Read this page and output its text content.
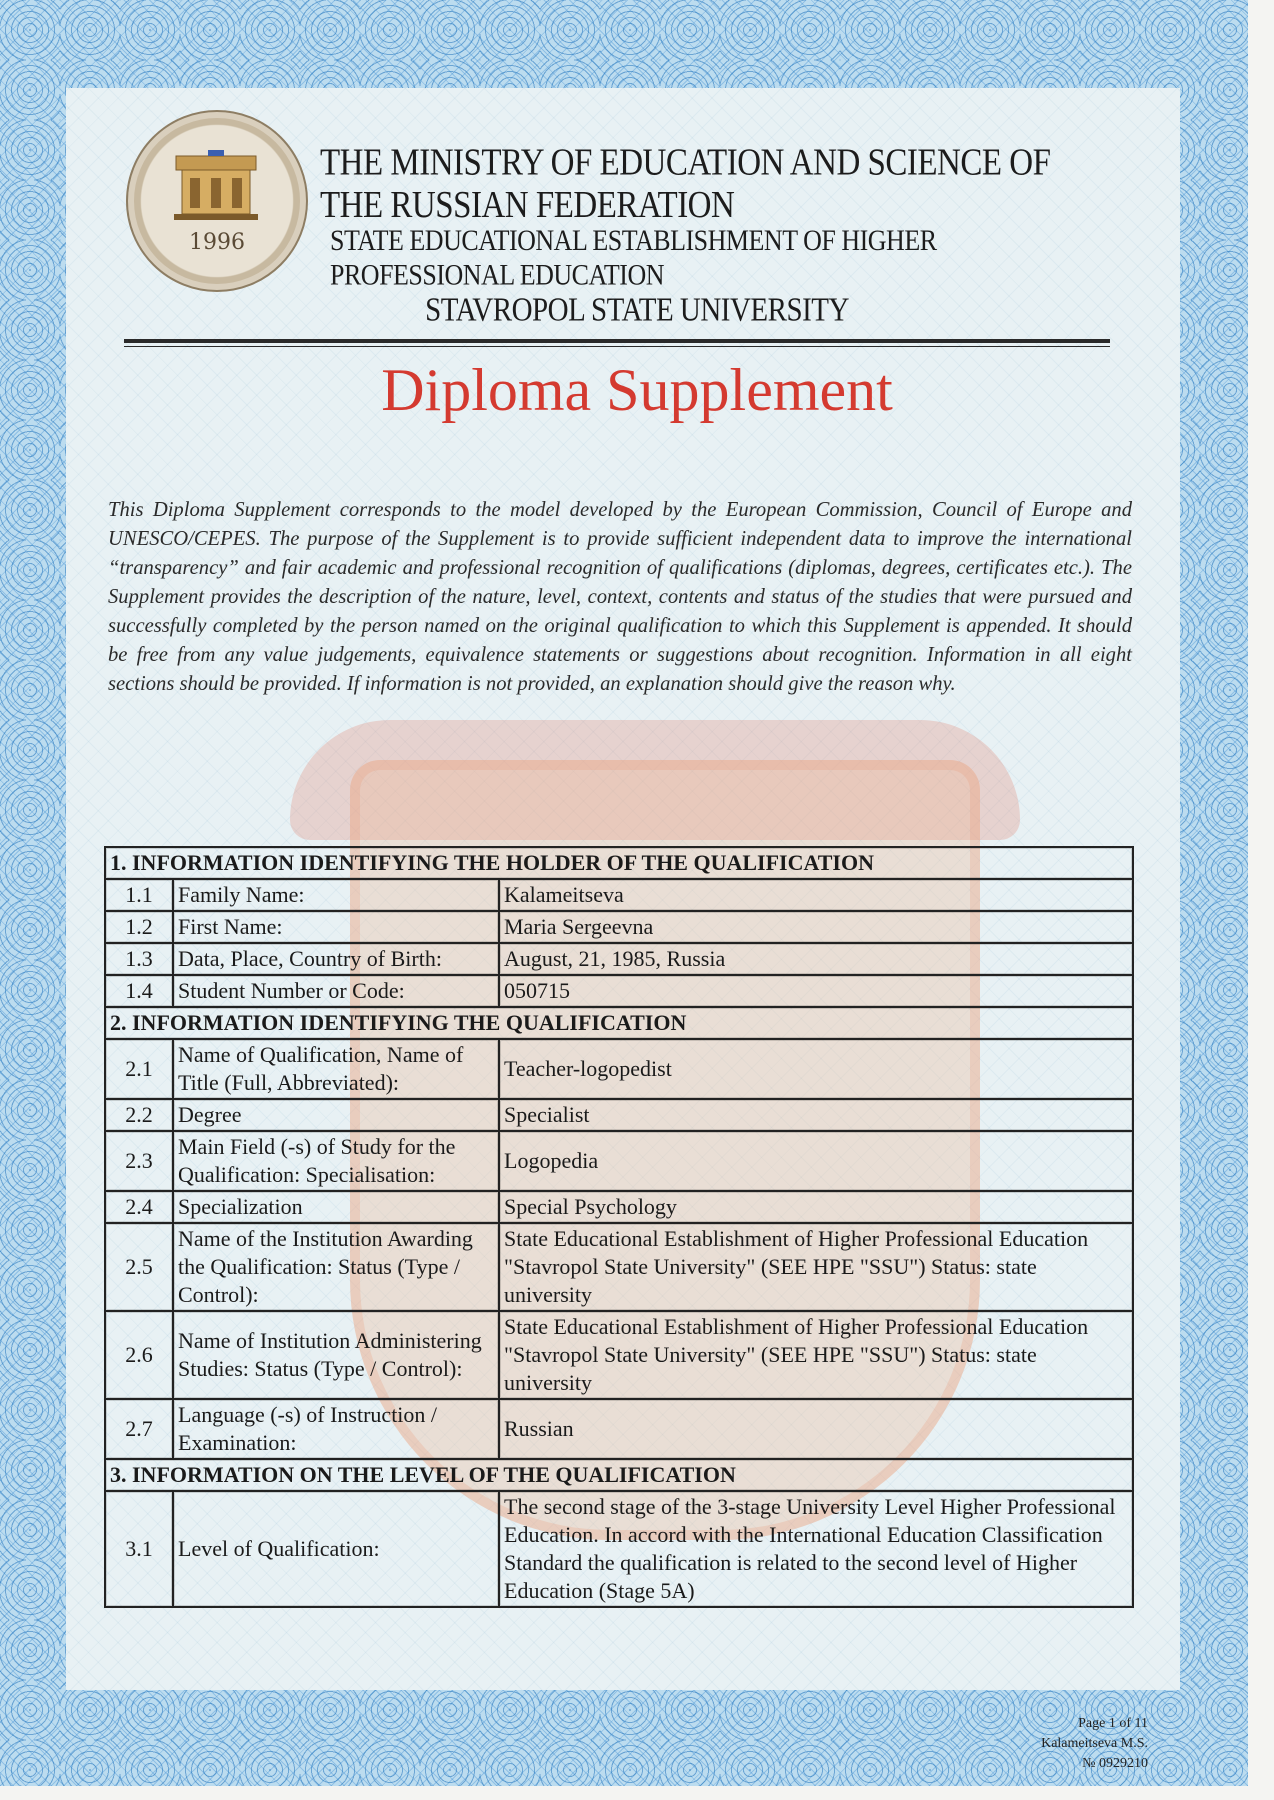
1996
THE MINISTRY OF EDUCATION AND SCIENCE OF THE RUSSIAN FEDERATION
STATE EDUCATIONAL ESTABLISHMENT OF HIGHER PROFESSIONAL EDUCATION
STAVROPOL STATE UNIVERSITY
Diploma Supplement
This Diploma Supplement corresponds to the model developed by the European Commission, Council of Europe and UNESCO/CEPES. The purpose of the Supplement is to provide sufficient independent data to improve the international “transparency” and fair academic and professional recognition of qualifications (diplomas, degrees, certificates etc.). The Supplement provides the description of the nature, level, context, contents and status of the studies that were pursued and successfully completed by the person named on the original qualification to which this Supplement is appended. It should be free from any value judgements, equivalence statements or suggestions about recognition. Information in all eight sections should be provided. If information is not provided, an explanation should give the reason why.
1. INFORMATION IDENTIFYING THE HOLDER OF THE QUALIFICATION		
1.1	Family Name:	Kalameitseva
1.2	First Name:	Maria Sergeevna
1.3	Data, Place, Country of Birth:	August, 21, 1985, Russia
1.4	Student Number or Code:	050715
2. INFORMATION IDENTIFYING THE QUALIFICATION		
2.1	Name of Qualification, Name of Title (Full, Abbreviated):	Teacher-logopedist
2.2	Degree	Specialist
2.3	Main Field (-s) of Study for the Qualification: Specialisation:	Logopedia
2.4	Specialization	Special Psychology
2.5	Name of the Institution Awarding the Qualification: Status (Type / Control):	State Educational Establishment of Higher Professional Education "Stavropol State University" (SEE HPE "SSU") Status: state university
2.6	Name of Institution Administering Studies: Status (Type / Control):	State Educational Establishment of Higher Professional Education "Stavropol State University" (SEE HPE "SSU") Status: state university
2.7	Language (-s) of Instruction / Examination:	Russian
3. INFORMATION ON THE LEVEL OF THE QUALIFICATION		
3.1	Level of Qualification:	The second stage of the 3-stage University Level Higher Professional Education. In accord with the International Education Classification Standard the qualification is related to the second level of Higher Education (Stage 5A)
Page 1 of 11
Kalameitseva M.S.
№ 0929210
